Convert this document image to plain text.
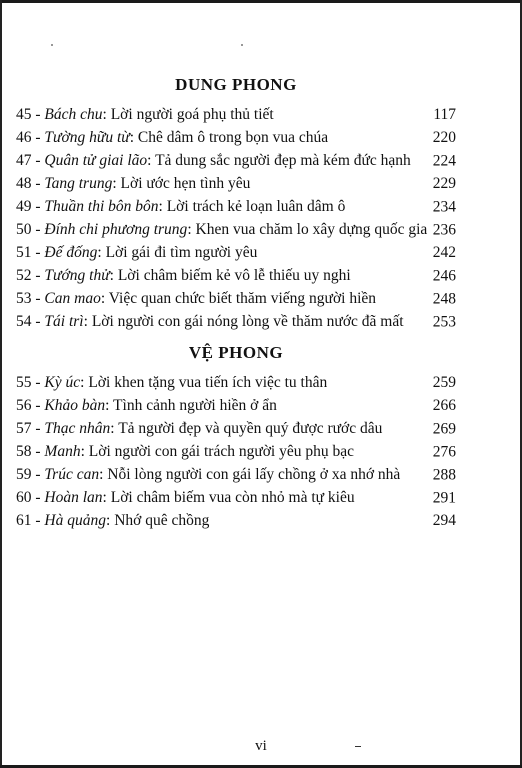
DUNG PHONG
45 - Bách chu: Lời người goá phụ thủ tiết	117
46 - Tường hữu từ: Chê dâm ô trong bọn vua chúa	220
47 - Quân tử giai lão: Tả dung sắc người đẹp mà kém đức hạnh	224
48 - Tang trung: Lời ước hẹn tình yêu	229
49 - Thuần thi bôn bôn: Lời trách kẻ loạn luân dâm ô	234
50 - Đính chi phương trung: Khen vua chăm lo xây dựng quốc gia 236
51 - Đế đống: Lời gái đi tìm người yêu	242
52 - Tướng thử: Lời châm biếm kẻ vô lễ thiếu uy nghi	246
53 - Can mao: Việc quan chức biết thăm viếng người hiền	248
54 - Tái trì: Lời người con gái nóng lòng về thăm nước đã mất	253
VỆ PHONG
55 - Kỳ úc: Lời khen tặng vua tiến ích việc tu thân	259
56 - Khảo bàn: Tình cảnh người hiền ở ẩn	266
57 - Thạc nhân: Tả người đẹp và quyền quý được rước dâu	269
58 - Manh: Lời người con gái trách người yêu phụ bạc	276
59 - Trúc can: Nỗi lòng người con gái lấy chồng ở xa nhớ nhà	288
60 - Hoàn lan: Lời châm biếm vua còn nhỏ mà tự kiêu	291
61 - Hà quảng: Nhớ quê chồng	294
vi
